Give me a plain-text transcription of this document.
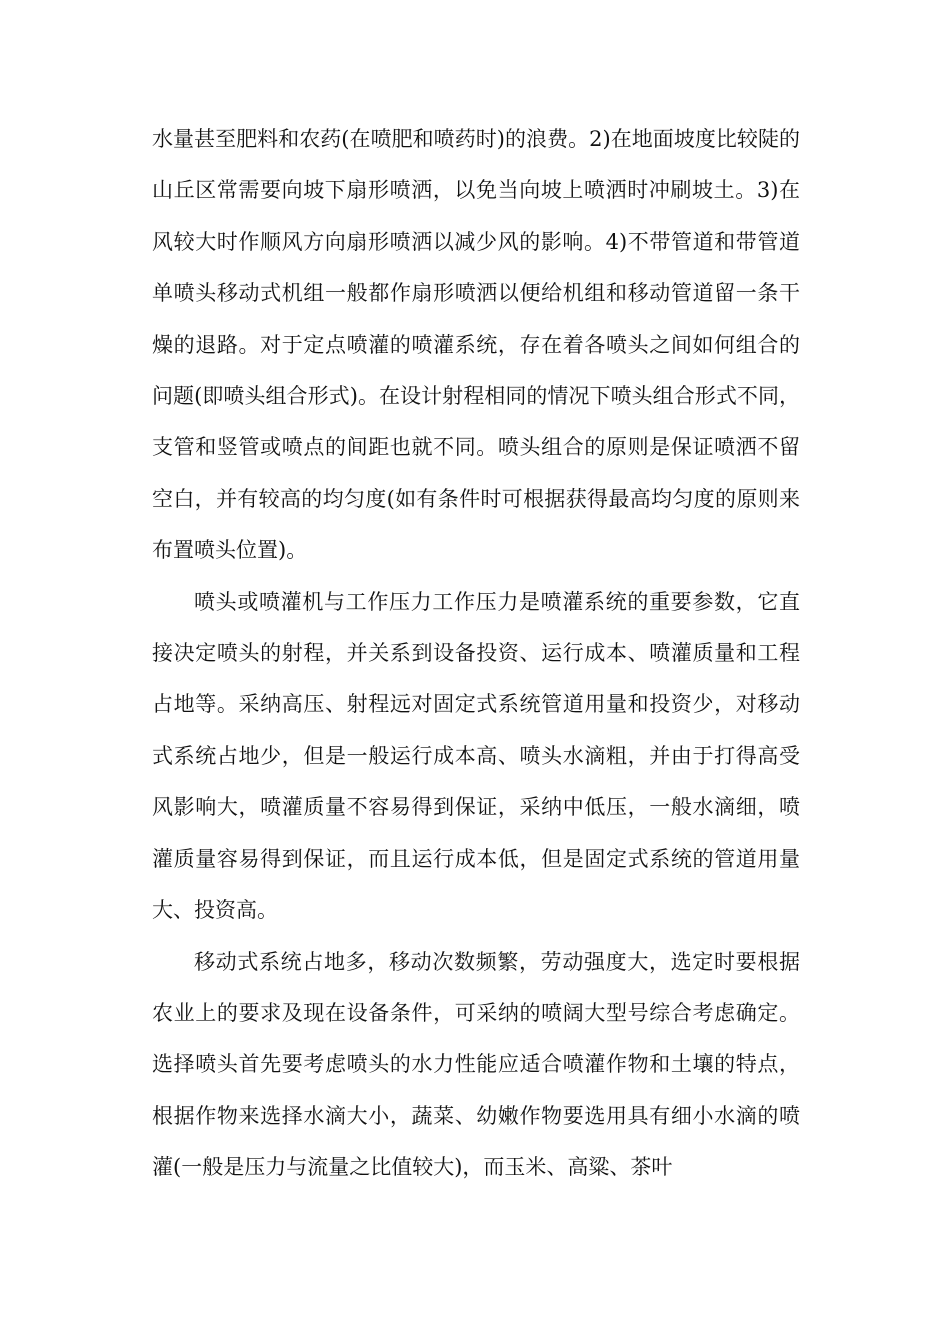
水量甚至肥料和农药(在喷肥和喷药时)的浪费。2)在地面坡度比较陡的山丘区常需要向坡下扇形喷洒，以免当向坡上喷洒时冲刷坡土。3)在风较大时作顺风方向扇形喷洒以减少风的影响。4)不带管道和带管道单喷头移动式机组一般都作扇形喷洒以便给机组和移动管道留一条干燥的退路。对于定点喷灌的喷灌系统，存在着各喷头之间如何组合的问题(即喷头组合形式)。在设计射程相同的情况下喷头组合形式不同，支管和竖管或喷点的间距也就不同。喷头组合的原则是保证喷洒不留空白，并有较高的均匀度(如有条件时可根据获得最高均匀度的原则来布置喷头位置)。

喷头或喷灌机与工作压力工作压力是喷灌系统的重要参数，它直接决定喷头的射程，并关系到设备投资、运行成本、喷灌质量和工程占地等。采纳高压、射程远对固定式系统管道用量和投资少，对移动式系统占地少，但是一般运行成本高、喷头水滴粗，并由于打得高受风影响大，喷灌质量不容易得到保证，采纳中低压，一般水滴细，喷灌质量容易得到保证，而且运行成本低，但是固定式系统的管道用量大、投资高。

移动式系统占地多，移动次数频繁，劳动强度大，选定时要根据农业上的要求及现在设备条件，可采纳的喷阔大型号综合考虑确定。选择喷头首先要考虑喷头的水力性能应适合喷灌作物和土壤的特点，根据作物来选择水滴大小，蔬菜、幼嫩作物要选用具有细小水滴的喷灌(一般是压力与流量之比值较大)，而玉米、高粱、茶叶
